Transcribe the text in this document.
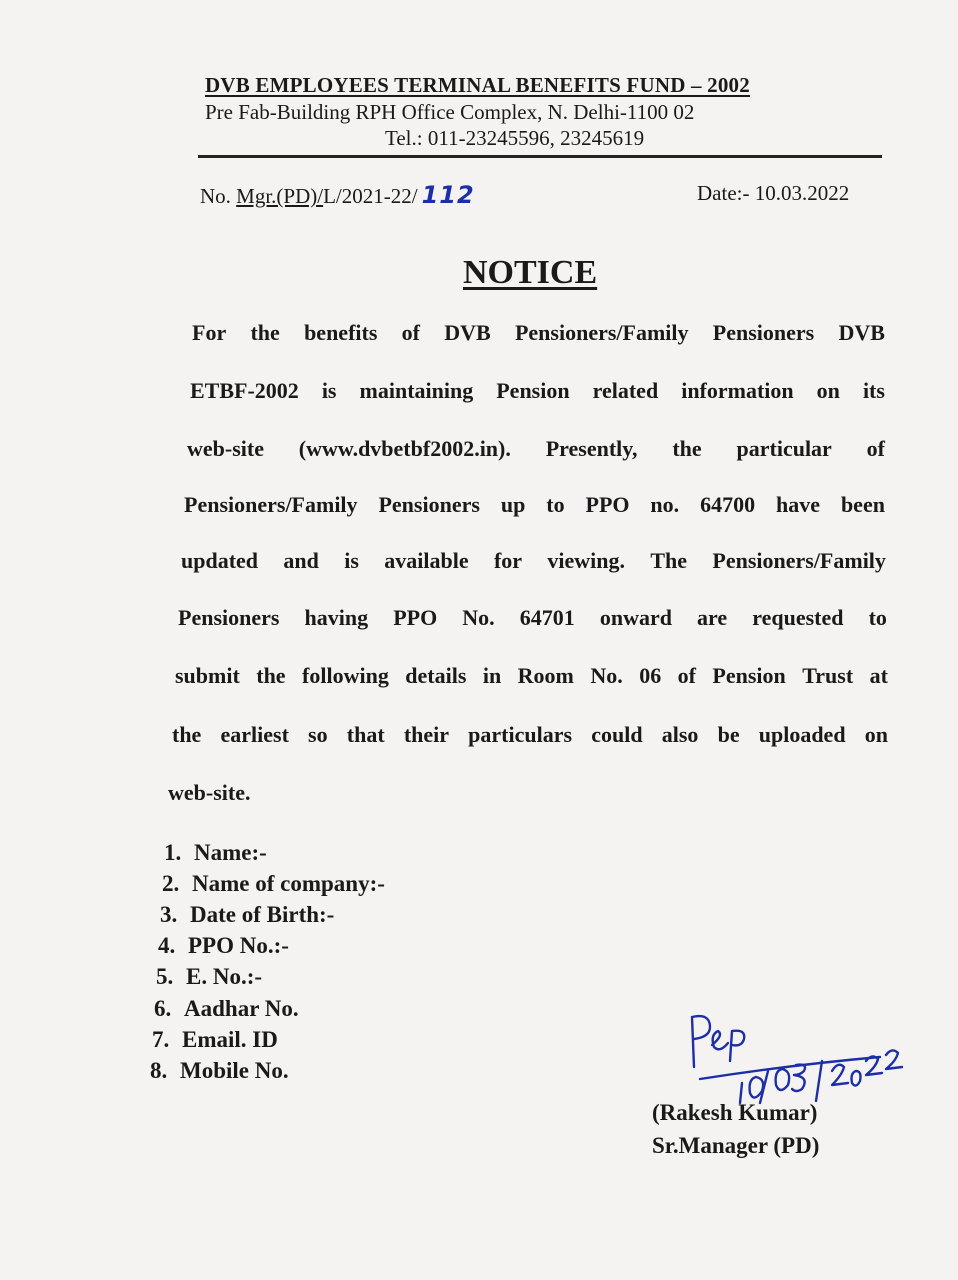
DVB EMPLOYEES TERMINAL BENEFITS FUND – 2002
Pre Fab-Building RPH Office Complex, N. Delhi-1100 02
Tel.: 011-23245596, 23245619
No. Mgr.(PD)/L/2021-22/ 112	Date:- 10.03.2022
NOTICE
For the benefits of DVB Pensioners/Family Pensioners DVB
ETBF-2002 is maintaining Pension related information on its
web-site (www.dvbetbf2002.in). Presently, the particular of
Pensioners/Family Pensioners up to PPO no. 64700 have been
updated and is available for viewing. The Pensioners/Family
Pensioners having PPO No. 64701 onward are requested to
submit the following details in Room No. 06 of Pension Trust at
the earliest so that their particulars could also be uploaded on
web-site.
1. Name:-
2. Name of company:-
3. Date of Birth:-
4. PPO No.:-
5. E. No.:-
6. Aadhar No.
7. Email. ID
8. Mobile No.
(Rakesh Kumar)
Sr.Manager (PD)
